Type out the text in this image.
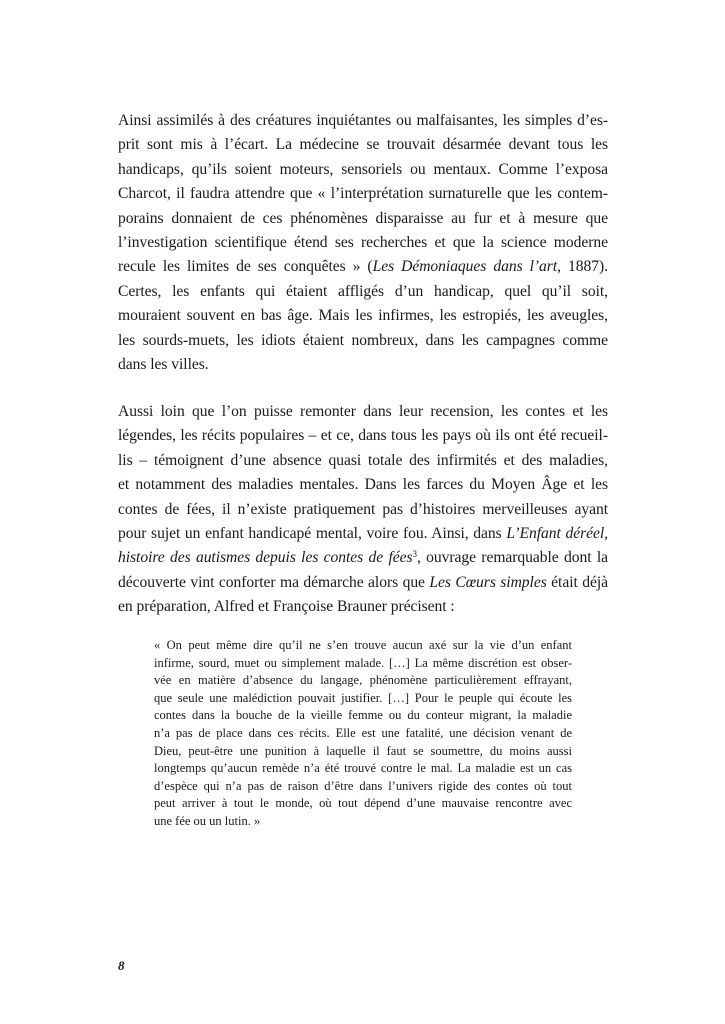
Ainsi assimilés à des créatures inquiétantes ou malfaisantes, les simples d’es-
prit sont mis à l’écart. La médecine se trouvait désarmée devant tous les
handicaps, qu’ils soient moteurs, sensoriels ou mentaux. Comme l’exposa
Charcot, il faudra attendre que « l’interprétation surnaturelle que les contem-
porains donnaient de ces phénomènes disparaisse au fur et à mesure que
l’investigation scientifique étend ses recherches et que la science moderne
recule les limites de ses conquêtes » (Les Démoniaques dans l’art, 1887).
Certes, les enfants qui étaient affligés d’un handicap, quel qu’il soit,
mouraient souvent en bas âge. Mais les infirmes, les estropiés, les aveugles,
les sourds-muets, les idiots étaient nombreux, dans les campagnes comme
dans les villes.
Aussi loin que l’on puisse remonter dans leur recension, les contes et les
légendes, les récits populaires – et ce, dans tous les pays où ils ont été recueil-
lis – témoignent d’une absence quasi totale des infirmités et des maladies,
et notamment des maladies mentales. Dans les farces du Moyen Âge et les
contes de fées, il n’existe pratiquement pas d’histoires merveilleuses ayant
pour sujet un enfant handicapé mental, voire fou. Ainsi, dans L’Enfant déréel,
histoire des autismes depuis les contes de fées$^3$, ouvrage remarquable dont la
découverte vint conforter ma démarche alors que Les Cœurs simples était déjà
en préparation, Alfred et Françoise Brauner précisent :
« On peut même dire qu’il ne s’en trouve aucun axé sur la vie d’un enfant
infirme, sourd, muet ou simplement malade. […] La même discrétion est obser-
vée en matière d’absence du langage, phénomène particulièrement effrayant,
que seule une malédiction pouvait justifier. […] Pour le peuple qui écoute les
contes dans la bouche de la vieille femme ou du conteur migrant, la maladie
n’a pas de place dans ces récits. Elle est une fatalité, une décision venant de
Dieu, peut-être une punition à laquelle il faut se soumettre, du moins aussi
longtemps qu’aucun remède n’a été trouvé contre le mal. La maladie est un cas
d’espèce qui n’a pas de raison d’être dans l’univers rigide des contes où tout
peut arriver à tout le monde, où tout dépend d’une mauvaise rencontre avec
une fée ou un lutin. »
8
